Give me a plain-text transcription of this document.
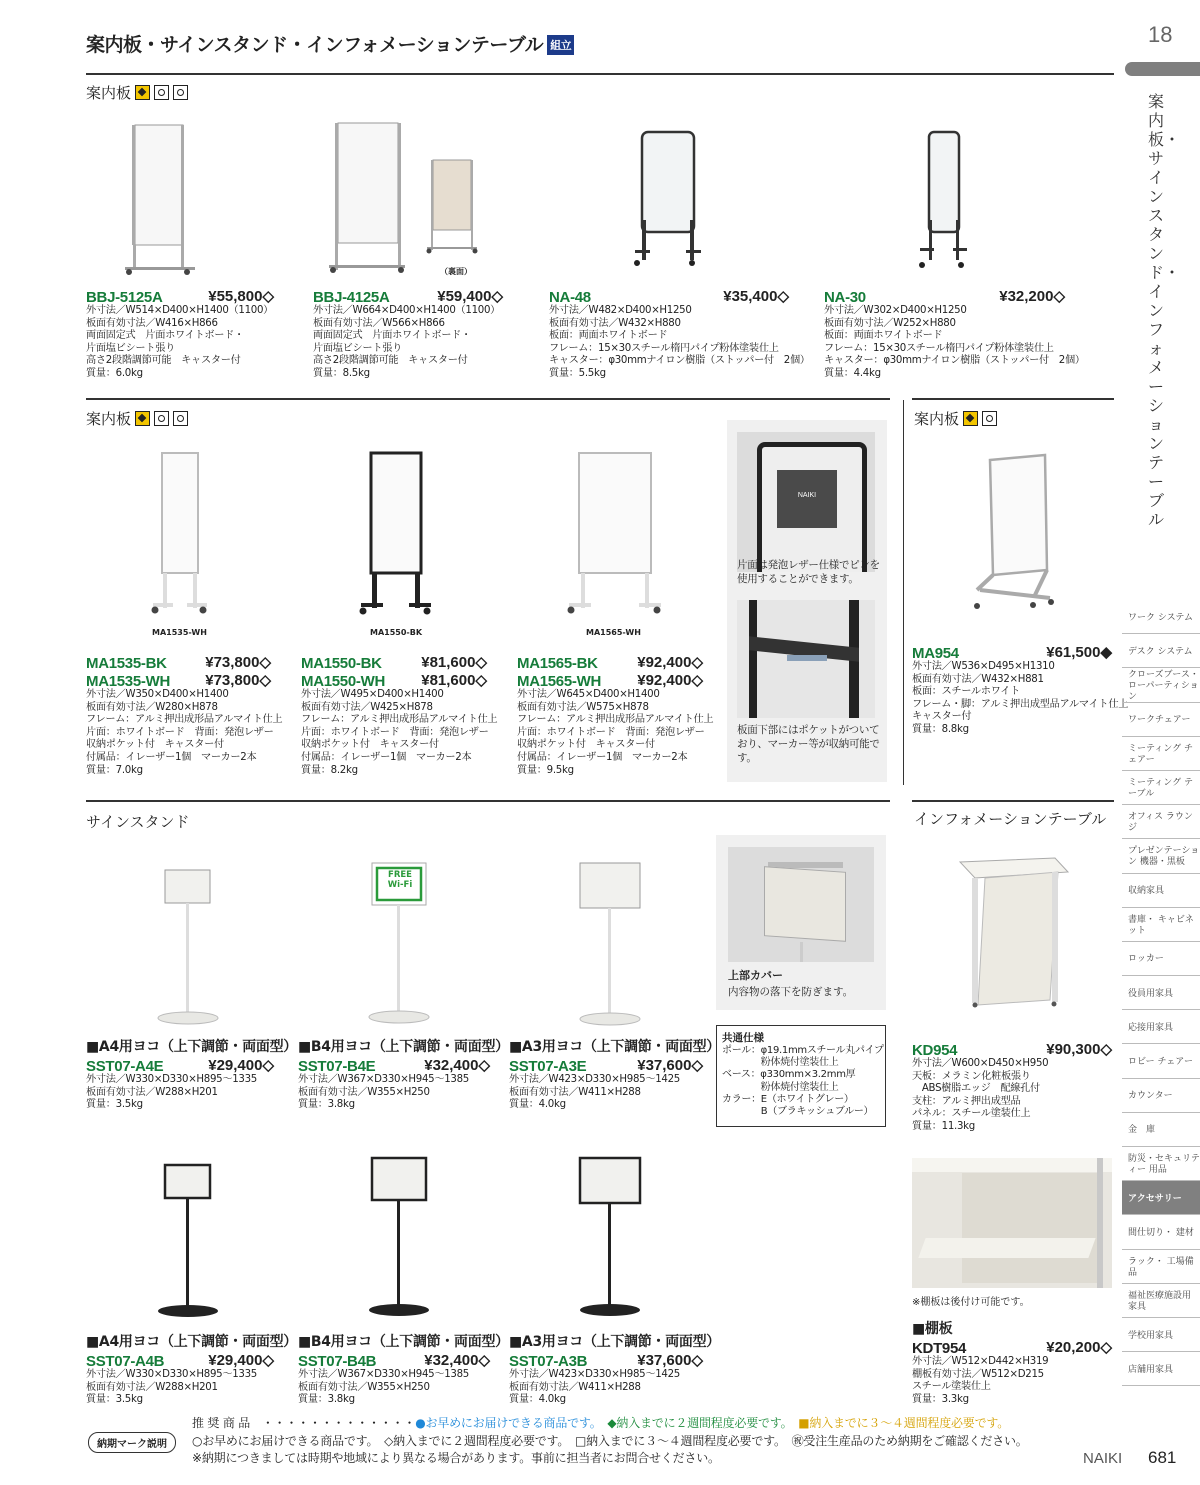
案内板・サインスタンド・インフォメーションテーブル 組立	18
案内板・サインスタンド・インフォメーションテーブル
案内板
（裏面）
BBJ-5125A	¥55,800◇
外寸法／W514×D400×H1400（1100）
板面有効寸法／W416×H866
両面固定式　片面ホワイトボード・
片面塩ビシート張り
高さ2段階調節可能　キャスター付
質量：6.0kg
BBJ-4125A	¥59,400◇
外寸法／W664×D400×H1400（1100）
板面有効寸法／W566×H866
両面固定式　片面ホワイトボード・
片面塩ビシート張り
高さ2段階調節可能　キャスター付
質量：8.5kg
NA-48	¥35,400◇
外寸法／W482×D400×H1250
板面有効寸法／W432×H880
板面：両面ホワイトボード
フレーム：15×30スチール楕円パイプ粉体塗装仕上
キャスター：φ30mmナイロン樹脂（ストッパー付　2個）
質量：5.5kg
NA-30	¥32,200◇
外寸法／W302×D400×H1250
板面有効寸法／W252×H880
板面：両面ホワイトボード
フレーム：15×30スチール楕円パイプ粉体塗装仕上
キャスター：φ30mmナイロン樹脂（ストッパー付　2個）
質量：4.4kg
案内板	案内板
MA1535-WH	MA1550-BK	MA1565-WH
MA1535-BK	¥73,800◇
MA1535-WH ¥73,800◇
外寸法／W350×D400×H1400
板面有効寸法／W280×H878
フレーム：アルミ押出成形品アルマイト仕上
片面：ホワイトボード　背面：発泡レザー
収納ポケット付　キャスター付
付属品：イレーザー1個　マーカー2本
質量：7.0kg
MA1550-BK	¥81,600◇
MA1550-WH ¥81,600◇
外寸法／W495×D400×H1400
板面有効寸法／W425×H878
フレーム：アルミ押出成形品アルマイト仕上
片面：ホワイトボード　背面：発泡レザー
収納ポケット付　キャスター付
付属品：イレーザー1個　マーカー2本
質量：8.2kg
MA1565-BK	¥92,400◇
MA1565-WH ¥92,400◇
外寸法／W645×D400×H1400
板面有効寸法／W575×H878
フレーム：アルミ押出成形品アルマイト仕上
片面：ホワイトボード　背面：発泡レザー
収納ポケット付　キャスター付
付属品：イレーザー1個　マーカー2本
質量：9.5kg
NAIKI
片面は発泡レザー仕様でピンを使用することができます。
板面下部にはポケットがついており、マーカー等が収納可能です。
MA954	¥61,500◆
外寸法／W536×D495×H1310
板面有効寸法／W432×H881
板面：スチールホワイト
フレーム・脚：アルミ押出成型品アルマイト仕上
キャスター付
質量：8.8kg
サインスタンド	インフォメーションテーブル
FREE Wi-Fi
上部カバー
内容物の落下を防ぎます。
■A4用ヨコ（上下調節・両面型）
SST07-A4E	¥29,400◇
外寸法／W330×D330×H895～1335
板面有効寸法／W288×H201
質量：3.5kg
■B4用ヨコ（上下調節・両面型）
SST07-B4E	¥32,400◇
外寸法／W367×D330×H945～1385
板面有効寸法／W355×H250
質量：3.8kg
■A3用ヨコ（上下調節・両面型）
SST07-A3E	¥37,600◇
外寸法／W423×D330×H985～1425
板面有効寸法／W411×H288
質量：4.0kg
共通仕様
ポール：φ19.1mmスチール丸パイプ
　　　　粉体焼付塗装仕上
ベース：φ330mm×3.2mm厚
　　　　粉体焼付塗装仕上
カラー：E（ホワイトグレー）
　　　　B（ブラキッシュブルー）
■A4用ヨコ（上下調節・両面型）
SST07-A4B	¥29,400◇
外寸法／W330×D330×H895～1335
板面有効寸法／W288×H201
質量：3.5kg
■B4用ヨコ（上下調節・両面型）
SST07-B4B	¥32,400◇
外寸法／W367×D330×H945～1385
板面有効寸法／W355×H250
質量：3.8kg
■A3用ヨコ（上下調節・両面型）
SST07-A3B	¥37,600◇
外寸法／W423×D330×H985～1425
板面有効寸法／W411×H288
質量：4.0kg
KD954	¥90,300◇
外寸法／W600×D450×H950
天板：メラミン化粧板張り
　ABS樹脂エッジ　配線孔付
支柱：アルミ押出成型品
パネル：スチール塗装仕上
質量：11.3kg
※棚板は後付け可能です。
■棚板
KDT954	¥20,200◇
外寸法／W512×D442×H319
棚板有効寸法／W512×D215
スチール塗装仕上
質量：3.3kg
ワーク システム
デスク システム
クローズブース・ローパーティション
ワークチェアー
ミーティング チェアー
ミーティング テーブル
オフィス ラウンジ
プレゼンテーション 機器・黒板
収納家具
書庫・ キャビネット
ロッカー
役員用家具
応接用家具
ロビー チェアー
カウンター
金　庫
防災・セキュリティー 用品
アクセサリー
間仕切り・ 建材
ラック・ 工場備品
福祉医療施設用 家具
学校用家具
店舗用家具
納期マーク説明
推 奨 商 品　・・・・・・・・・・・・・●お早めにお届けできる商品です。　 ◆納入までに２週間程度必要です。　 ■納入までに３～４週間程度必要です。
○お早めにお届けできる商品です。　 ◇納入までに２週間程度必要です。　 □納入までに３～４週間程度必要です。　 ㊗受注生産品のため納期をご確認ください。
※納期につきましては時期や地域により異なる場合があります。事前に担当者にお問合せください。	NAIKI 681
